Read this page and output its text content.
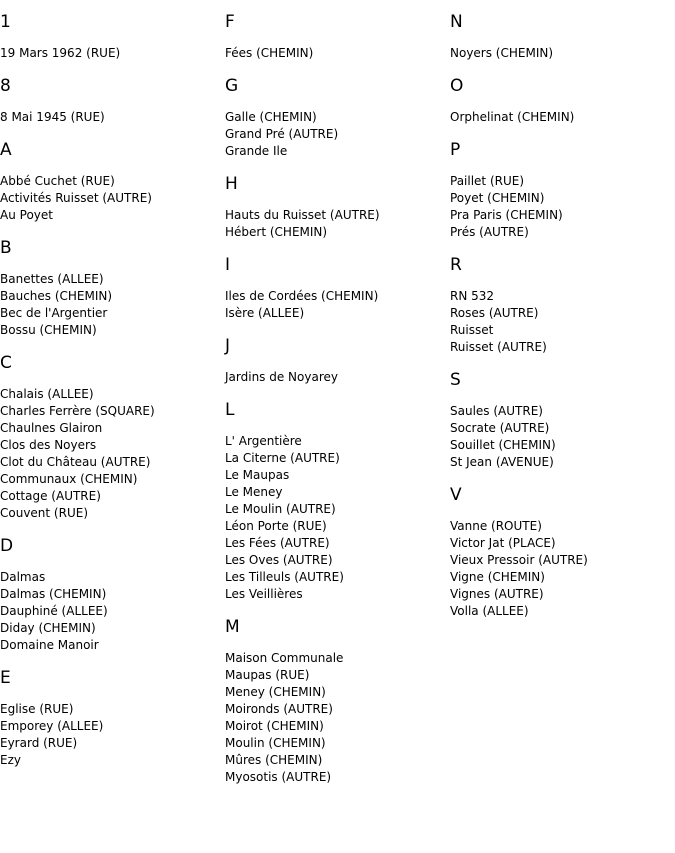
1
19 Mars 1962 (RUE)
8
8 Mai 1945 (RUE)
A
Abbé Cuchet (RUE)
Activités Ruisset (AUTRE)
Au Poyet
B
Banettes (ALLEE)
Bauches (CHEMIN)
Bec de l'Argentier
Bossu (CHEMIN)
C
Chalais (ALLEE)
Charles Ferrère (SQUARE)
Chaulnes Glairon
Clos des Noyers
Clot du Château (AUTRE)
Communaux (CHEMIN)
Cottage (AUTRE)
Couvent (RUE)
D
Dalmas
Dalmas (CHEMIN)
Dauphiné (ALLEE)
Diday (CHEMIN)
Domaine Manoir
E
Eglise (RUE)
Emporey (ALLEE)
Eyrard (RUE)
Ezy
F
Fées (CHEMIN)
G
Galle (CHEMIN)
Grand Pré (AUTRE)
Grande Ile
H
Hauts du Ruisset (AUTRE)
Hébert (CHEMIN)
I
Iles de Cordées (CHEMIN)
Isère (ALLEE)
J
Jardins de Noyarey
L
L' Argentière
La Citerne (AUTRE)
Le Maupas
Le Meney
Le Moulin (AUTRE)
Léon Porte (RUE)
Les Fées (AUTRE)
Les Oves (AUTRE)
Les Tilleuls (AUTRE)
Les Veillières
M
Maison Communale
Maupas (RUE)
Meney (CHEMIN)
Moironds (AUTRE)
Moirot (CHEMIN)
Moulin (CHEMIN)
Mûres (CHEMIN)
Myosotis (AUTRE)
N
Noyers (CHEMIN)
O
Orphelinat (CHEMIN)
P
Paillet (RUE)
Poyet (CHEMIN)
Pra Paris (CHEMIN)
Prés (AUTRE)
R
RN 532
Roses (AUTRE)
Ruisset
Ruisset (AUTRE)
S
Saules (AUTRE)
Socrate (AUTRE)
Souillet (CHEMIN)
St Jean (AVENUE)
V
Vanne (ROUTE)
Victor Jat (PLACE)
Vieux Pressoir (AUTRE)
Vigne (CHEMIN)
Vignes (AUTRE)
Volla (ALLEE)
